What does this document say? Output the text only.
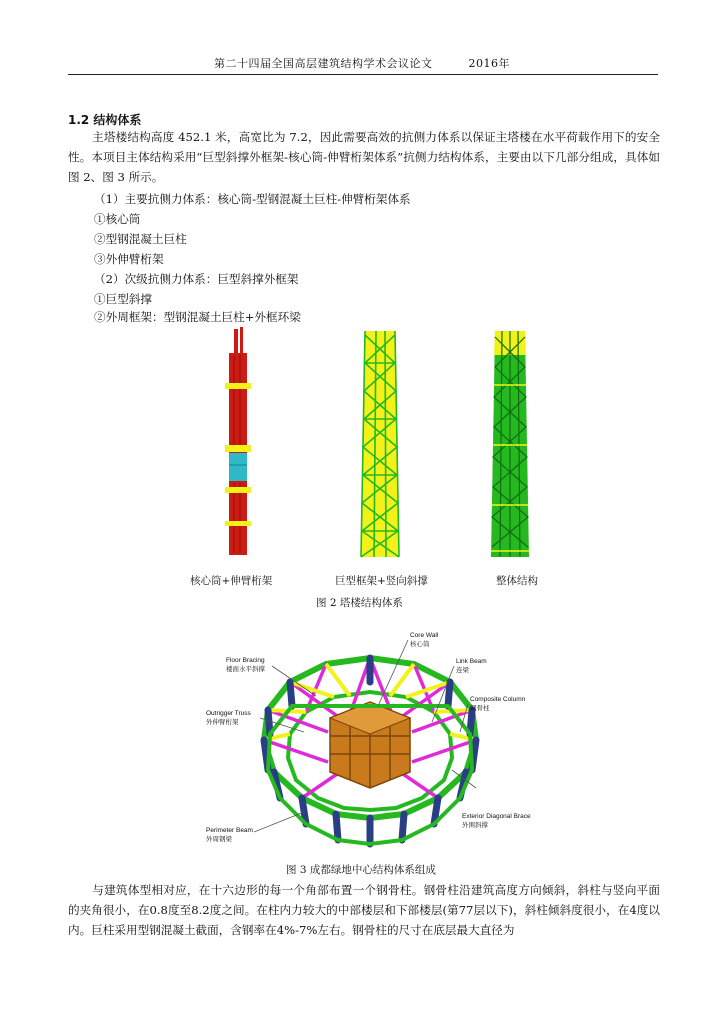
第二十四届全国高层建筑结构学术会议论文	2016年
1.2 结构体系
主塔楼结构高度 452.1 米，高宽比为 7.2，因此需要高效的抗侧力体系以保证主塔楼在水平荷载作用下的安全性。本项目主体结构采用“巨型斜撑外框架-核心筒-伸臂桁架体系”抗侧力结构体系，主要由以下几部分组成，具体如图 2、图 3 所示。
（1）主要抗侧力体系：核心筒-型钢混凝土巨柱-伸臂桁架体系
①核心筒
②型钢混凝土巨柱
③外伸臂桁架
（2）次级抗侧力体系：巨型斜撑外框架
①巨型斜撑
②外周框架：型钢混凝土巨柱+外框环梁
核心筒+伸臂桁架	巨型框架+竖向斜撑	整体结构
图 2 塔楼结构体系
Core Wall
核心筒
Link Beam
连梁
Composite Column
钢骨柱
Floor Bracing
楼面水平斜撑
Outrigger Truss
外伸臂桁架
Exterior Diagonal Brace
外围斜撑
Perimeter Beam
外周钢梁
图 3 成都绿地中心结构体系组成
与建筑体型相对应，在十六边形的每一个角部布置一个钢骨柱。钢骨柱沿建筑高度方向倾斜，斜柱与竖向平面的夹角很小，在0.8度至8.2度之间。在柱内力较大的中部楼层和下部楼层(第77层以下)，斜柱倾斜度很小，在4度以内。巨柱采用型钢混凝土截面，含钢率在4%-7%左右。钢骨柱的尺寸在底层最大直径为
